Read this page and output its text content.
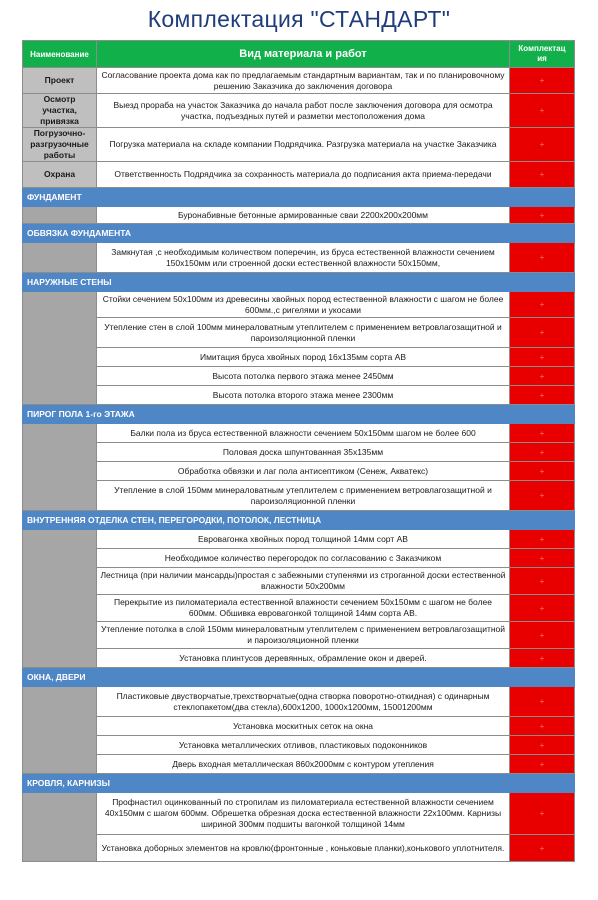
Комплектация "СТАНДАРТ"
Наименование	Вид материала и работ	Комплектац ия
Проект	Согласование проекта дома как по предлагаемым стандартным вариантам, так и по планировочному решению Заказчика до заключения договора	+
Осмотр участка, привязка	Выезд прораба на участок Заказчика до начала работ после заключения договора для осмотра участка, подъездных путей и разметки местоположения дома	+
Погрузочно-разгрузочные работы	Погрузка материала на складе компании Подрядчика. Разгрузка материала на участке Заказчика	+
Охрана	Ответственность Подрядчика за сохранность материала до подписания акта приема-передачи	+
ФУНДАМЕНТ		
	Буронабивные бетонные армированные сваи 2200х200х200мм	+
ОБВЯЗКА ФУНДАМЕНТА		
	Замкнутая ,с необходимым количеством поперечин, из бруса естественной влажности сечением 150х150мм или строенной доски естественной влажности 50х150мм,	+
НАРУЖНЫЕ СТЕНЫ		
	Стойки сечением 50х100мм из древесины хвойных пород естественной влажности с шагом не более 600мм.,с ригелями и укосами	+
	Утепление стен в слой 100мм минераловатным утеплителем с применением ветровлагозащитной и пароизоляционной пленки	+
	Имитация бруса хвойных пород 16х135мм сорта АВ	+
	Высота потолка первого этажа менее 2450мм	+
	Высота потолка второго этажа менее 2300мм	+
ПИРОГ ПОЛА 1-го ЭТАЖА		
	Балки пола из бруса естественной влажности сечением 50х150мм шагом не более 600	+
	Половая доска шпунтованная 35х135мм	+
	Обработка обвязки и лаг пола антисептиком (Сенеж, Акватекс)	+
	Утепление в слой 150мм минераловатным утеплителем с применением ветровлагозащитной и пароизоляционной пленки	+
ВНУТРЕННЯЯ ОТДЕЛКА СТЕН, ПЕРЕГОРОДКИ, ПОТОЛОК, ЛЕСТНИЦА		
	Евровагонка хвойных пород толщиной 14мм сорт АВ	+
	Необходимое количество перегородок по согласованию с Заказчиком	+
	Лестница (при наличии мансарды)простая с забежными ступенями из строганной доски естественной влажности 50х200мм	+
	Перекрытие из пиломатериала естественной влажности сечением 50х150мм с шагом не более 600мм. Обшивка евровагонкой толщиной 14мм сорта АВ.	+
	Утепление потолка в слой 150мм минераловатным утеплителем с применением ветровлагозащитной и пароизоляционной пленки	+
	Установка плинтусов деревянных, обрамление окон и дверей.	+
ОКНА, ДВЕРИ		
	Пластиковые двустворчатые,трехстворчатые(одна створка поворотно-откидная) с одинарным стеклопакетом(два стекла),600х1200, 1000х1200мм, 15001200мм	+
	Установка москитных сеток на окна	+
	Установка металлических отливов, пластиковых подоконников	+
	Дверь входная металлическая 860х2000мм с контуром утепления	+
КРОВЛЯ, КАРНИЗЫ		
	Профнастил оцинкованный по стропилам из пиломатериала естественной влажности сечением 40х150мм с шагом 600мм. Обрешетка обрезная доска естественной влажности 22х100мм. Карнизы шириной 300мм подшиты вагонкой толщиной 14мм	+
	Установка доборных элементов на кровлю(фронтонные , коньковые планки),конькового уплотнителя.	+
